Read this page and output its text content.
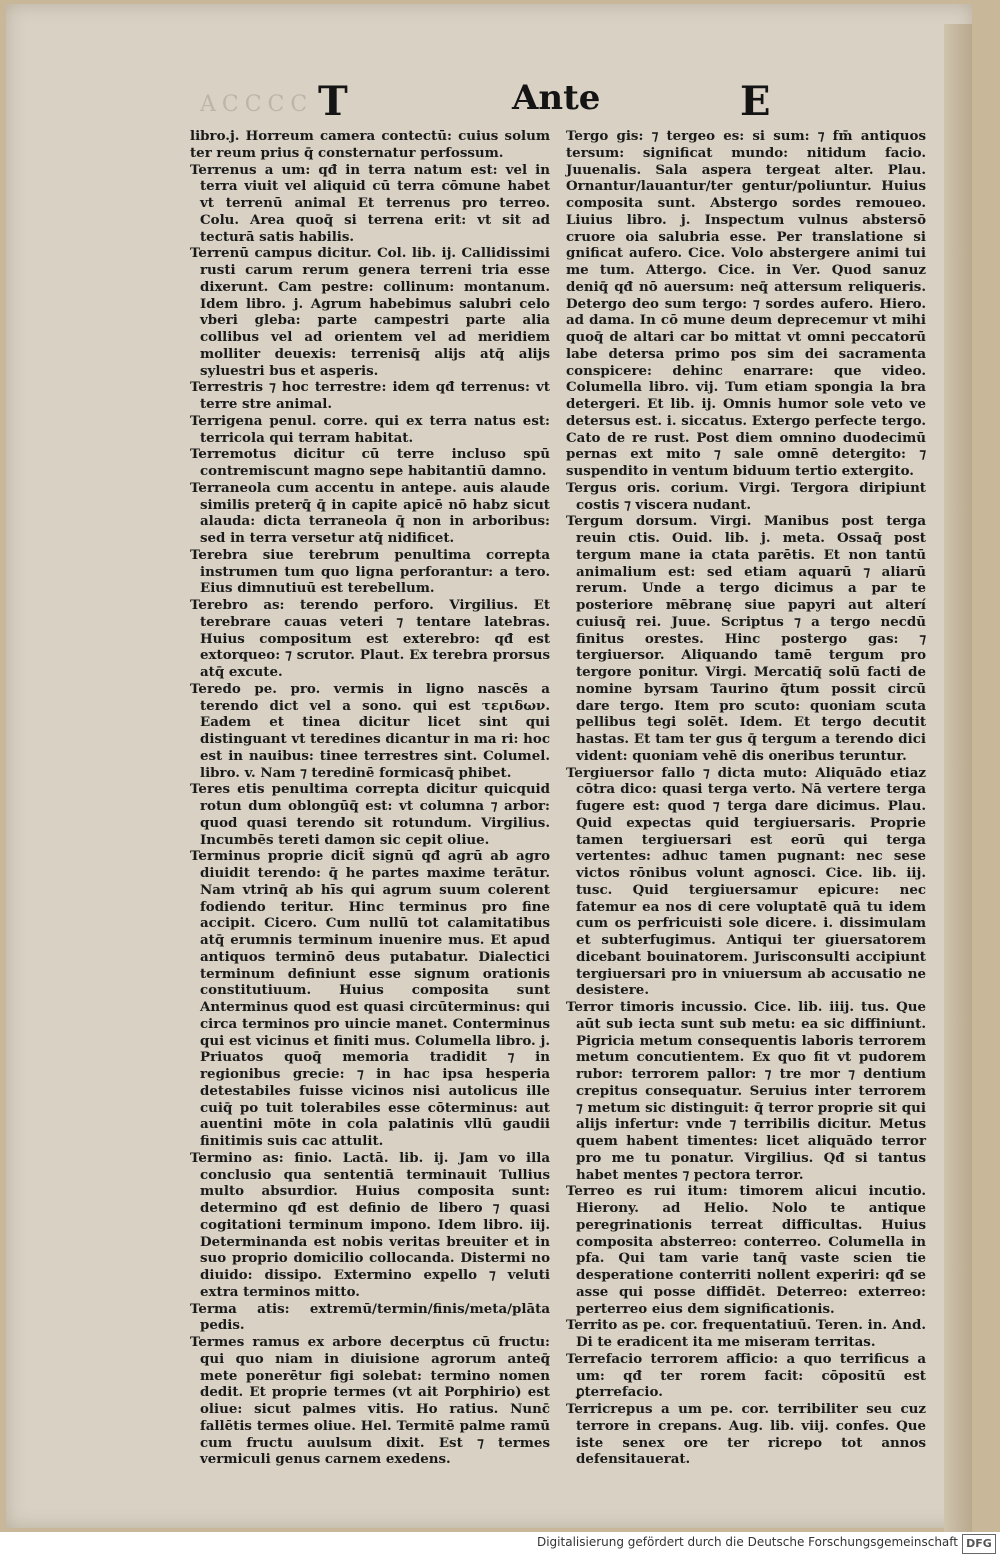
ACCCC T	Ante	E

libro.j. Horreum camera contectū: cuius solum ter reum prius q̄ consternatur perfossum.

Terrenus a um: qđ in terra natum est: vel in terra viuit vel aliquid cū terra cōmune habet vt terrenū animal Et terrenus pro terreo. Colu. Area quoq̄ si terrena erit: vt sit ad tecturā satis habilis.

Terrenū campus dicitur. Col. lib. ij. Callidissimi rusti carum rerum genera terreni tria esse dixerunt. Cam pestre: collinum: montanum. Idem libro. j. Agrum habebimus salubri celo vberi gleba: parte campestri parte alia collibus vel ad orientem vel ad meridiem molliter deuexis: terrenisq̄ alijs atq̄ alijs syluestri bus et asperis.

Terrestris ⁊ hoc terrestre: idem qđ terrenus: vt terre stre animal.

Terrigena penul. corre. qui ex terra natus est: terricola qui terram habitat.

Terremotus dicitur cū terre incluso spū contremiscunt magno sepe habitantiū damno.

Terraneola cum accentu in antepe. auis alaude similis preterq̄ q̄ in capite apicē nō habz sicut alauda: dicta terraneola q̄ non in arboribus: sed in terra versetur atq̄ nidificet.

Terebra siue terebrum penultima correpta instrumen tum quo ligna perforantur: a tero. Eius dimnutiuū est terebellum.

Terebro as: terendo perforo. Virgilius. Et terebrare cauas veteri ⁊ tentare latebras. Huius compositum est exterebro: qđ est extorqueo: ⁊ scrutor. Plaut. Ex terebra prorsus atq̄ excute.

Teredo pe. pro. vermis in ligno nascēs a terendo dict vel a sono. qui est τεριδων. Eadem et tinea dicitur licet sint qui distinguant vt teredines dicantur in ma ri: hoc est in nauibus: tinee terrestres sint. Columel. libro. v. Nam ⁊ teredinē formicasq̄ phibet.

Teres etis penultima correpta dicitur quicquid rotun dum oblongūq̄ est: vt columna ⁊ arbor: quod quasi terendo sit rotundum. Virgilius. Incumbēs tereti damon sic cepit oliue.

Terminus proprie dicit̄ signū qđ agrū ab agro diuidit terendo: q̄ he partes maxime terātur. Nam vtrinq̄ ab hīs qui agrum suum colerent fodiendo teritur. Hinc terminus pro fine accipit. Cicero. Cum nullū tot calamitatibus atq̄ erumnis terminum inuenire mus. Et apud antiquos terminō deus putabatur. Dialectici terminum definiunt esse signum orationis constitutiuum. Huius composita sunt Anterminus quod est quasi circūterminus: qui circa terminos pro uincie manet. Conterminus qui est vicinus et finiti mus. Columella libro. j. Priuatos quoq̄ memoria tradidit ⁊ in regionibus grecie: ⁊ in hac ipsa hesperia detestabiles fuisse vicinos nisi autolicus ille cuiq̄ po tuit tolerabiles esse cōterminus: aut auentini mōte in cola palatinis vllū gaudii finitimis suis cac attulit.

Termino as: finio. Lactā. lib. ij. Jam vo illa conclusio qua sententiā terminauit Tullius multo absurdior. Huius composita sunt: determino qđ est definio de libero ⁊ quasi cogitationi terminum impono. Idem libro. iij. Determinanda est nobis veritas breuiter et in suo proprio domicilio collocanda. Distermi no diuido: dissipo. Extermino expello ⁊ veluti extra terminos mitto.

Terma atis: extremū/termin/finis/meta/plāta pedis.

Termes ramus ex arbore decerptus cū fructu: qui quo niam in diuisione agrorum anteq̄ mete ponerētur figi solebat: termino nomen dedit. Et proprie termes (vt ait Porphirio) est oliue: sicut palmes vitis. Ho ratius. Nunc̄ fallētis termes oliue. Hel. Termitē palme ramū cum fructu auulsum dixit. Est ⁊ termes vermiculi genus carnem exedens.

Tergo gis: ⁊ tergeo es: si sum: ⁊ fm̄ antiquos tersum: significat mundo: nitidum facio. Juuenalis. Sala aspera tergeat alter. Plau. Ornantur/lauantur/ter gentur/poliuntur. Huius composita sunt. Abstergo sordes remoueo. Liuius libro. j. Inspectum vulnus abstersō cruore oia salubria esse. Per translatione si gnificat aufero. Cice. Volo abstergere animi tui me tum. Attergo. Cice. in Ver. Quod sanuz deniq̄ qđ nō auersum: neq̄ attersum reliqueris. Detergo deo sum tergo: ⁊ sordes aufero. Hiero. ad dama. In cō mune deum deprecemur vt mihi quoq̄ de altari car bo mittat vt omni peccatorū labe detersa primo pos sim dei sacramenta conspicere: dehinc enarrare: que video. Columella libro. vij. Tum etiam spongia la bra detergeri. Et lib. ij. Omnis humor sole veto ve detersus est. i. siccatus. Extergo perfecte tergo. Cato de re rust. Post diem omnino duodecimū pernas ext mito ⁊ sale omnē detergito: ⁊ suspendito in ventum biduum tertio extergito.

Tergus oris. corium. Virgi. Tergora diripiunt costis ⁊ viscera nudant.

Tergum dorsum. Virgi. Manibus post terga reuin ctis. Ouid. lib. j. meta. Ossaq̄ post tergum mane ia ctata parētis. Et non tantū animalium est: sed etiam aquarū ⁊ aliarū rerum. Unde a tergo dicimus a par te posteriore mēbranę siue papyri aut alterí cuiusq̄ rei. Juue. Scriptus ⁊ a tergo necdū finitus orestes. Hinc postergo gas: ⁊ tergiuersor. Aliquando tamē tergum pro tergore ponitur. Virgi. Mercatiq̄ solū facti de nomine byrsam Taurino q̄tum possit circū dare tergo. Item pro scuto: quoniam scuta pellibus tegi solēt. Idem. Et tergo decutit hastas. Et tam ter gus q̄ tergum a terendo dici vident: quoniam vehē dis oneribus teruntur.

Tergiuersor fallo ⁊ dicta muto: Aliquādo etiaz cōtra dico: quasi terga verto. Nā vertere terga fugere est: quod ⁊ terga dare dicimus. Plau. Quid expectas quid tergiuersaris. Proprie tamen tergiuersari est eorū qui terga vertentes: adhuc tamen pugnant: nec sese victos rōnibus volunt agnosci. Cice. lib. iij. tusc. Quid tergiuersamur epicure: nec fatemur ea nos di cere voluptatē quā tu idem cum os perfricuisti sole dicere. i. dissimulam et subterfugimus. Antiqui ter giuersatorem dicebant bouinatorem. Jurisconsulti accipiunt tergiuersari pro in vniuersum ab accusatio ne desistere.

Terror timoris incussio. Cice. lib. iiij. tus. Que aūt sub iecta sunt sub metu: ea sic diffiniunt. Pigricia metum consequentis laboris terrorem metum concutientem. Ex quo fit vt pudorem rubor: terrorem pallor: ⁊ tre mor ⁊ dentium crepitus consequatur. Seruius inter terrorem ⁊ metum sic distinguit: q̄ terror proprie sit qui alijs infertur: vnde ⁊ terribilis dicitur. Metus quem habent timentes: licet aliquādo terror pro me tu ponatur. Virgilius. Qđ si tantus habet mentes ⁊ pectora terror.

Terreo es rui itum: timorem alicui incutio. Hierony. ad Helio. Nolo te antique peregrinationis terreat difficultas. Huius composita absterreo: conterreo. Columella in pfa. Qui tam varie tanq̄ vaste scien tie desperatione conterriti nollent experiri: qđ se asse qui posse diffidēt. Deterreo: exterreo: perterreo eius dem significationis.

Territo as pe. cor. frequentatiuū. Teren. in. And. Di te eradicent ita me miseram territas.

Terrefacio terrorem afficio: a quo terrificus a um: qđ ter rorem facit: cōpositū est ꝑterrefacio.

Terricrepus a um pe. cor. terribiliter seu cuz terrore in crepans. Aug. lib. viij. confes. Que iste senex ore ter ricrepo tot annos defensitauerat.

Digitalisierung gefördert durch die Deutsche Forschungsgemeinschaft DFG
